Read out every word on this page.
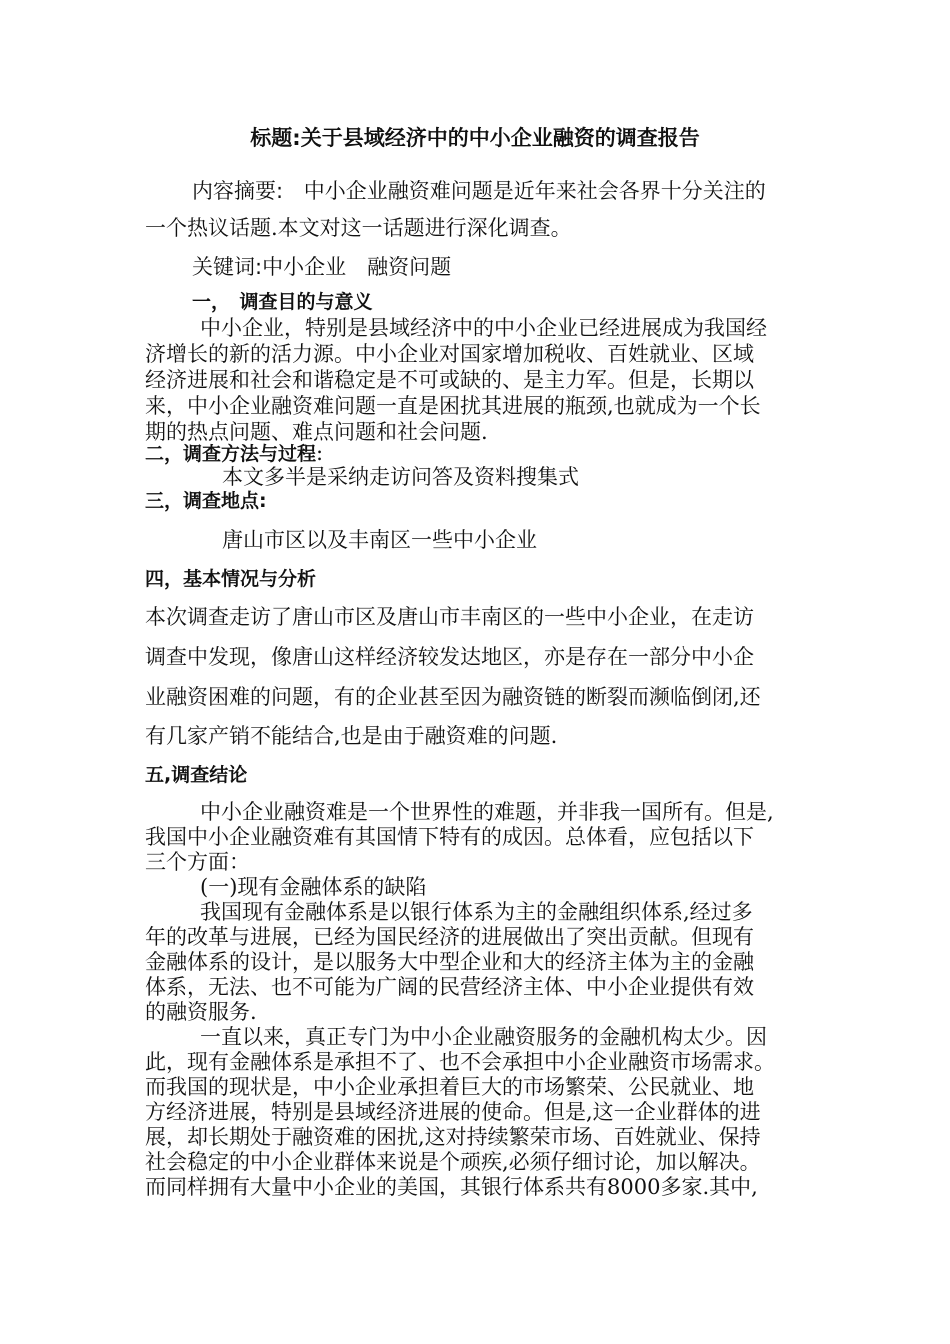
标题:关于县域经济中的中小企业融资的调查报告
内容摘要: 中小企业融资难问题是近年来社会各界十分关注的
一个热议话题.本文对这一话题进行深化调查。
关键词:中小企业　融资问题
一，　调查目的与意义
中小企业，特别是县域经济中的中小企业已经进展成为我国经
济增长的新的活力源。中小企业对国家增加税收、百姓就业、区域
经济进展和社会和谐稳定是不可或缺的、是主力军。但是，长期以
来，中小企业融资难问题一直是困扰其进展的瓶颈,也就成为一个长
期的热点问题、难点问题和社会问题.
二，调查方法与过程:
本文多半是采纳走访问答及资料搜集式
三，调查地点:
唐山市区以及丰南区一些中小企业
四，基本情况与分析
本次调查走访了唐山市区及唐山市丰南区的一些中小企业，在走访
调查中发现，像唐山这样经济较发达地区，亦是存在一部分中小企
业融资困难的问题，有的企业甚至因为融资链的断裂而濒临倒闭,还
有几家产销不能结合,也是由于融资难的问题.
五,调查结论
中小企业融资难是一个世界性的难题，并非我一国所有。但是,
我国中小企业融资难有其国情下特有的成因。总体看，应包括以下
三个方面：
(一)现有金融体系的缺陷
我国现有金融体系是以银行体系为主的金融组织体系,经过多
年的改革与进展，已经为国民经济的进展做出了突出贡献。但现有
金融体系的设计，是以服务大中型企业和大的经济主体为主的金融
体系，无法、也不可能为广阔的民营经济主体、中小企业提供有效
的融资服务.
一直以来，真正专门为中小企业融资服务的金融机构太少。因
此，现有金融体系是承担不了、也不会承担中小企业融资市场需求。
而我国的现状是，中小企业承担着巨大的市场繁荣、公民就业、地
方经济进展，特别是县域经济进展的使命。但是,这一企业群体的进
展，却长期处于融资难的困扰,这对持续繁荣市场、百姓就业、保持
社会稳定的中小企业群体来说是个顽疾,必须仔细讨论，加以解决。
而同样拥有大量中小企业的美国，其银行体系共有8000多家.其中,
